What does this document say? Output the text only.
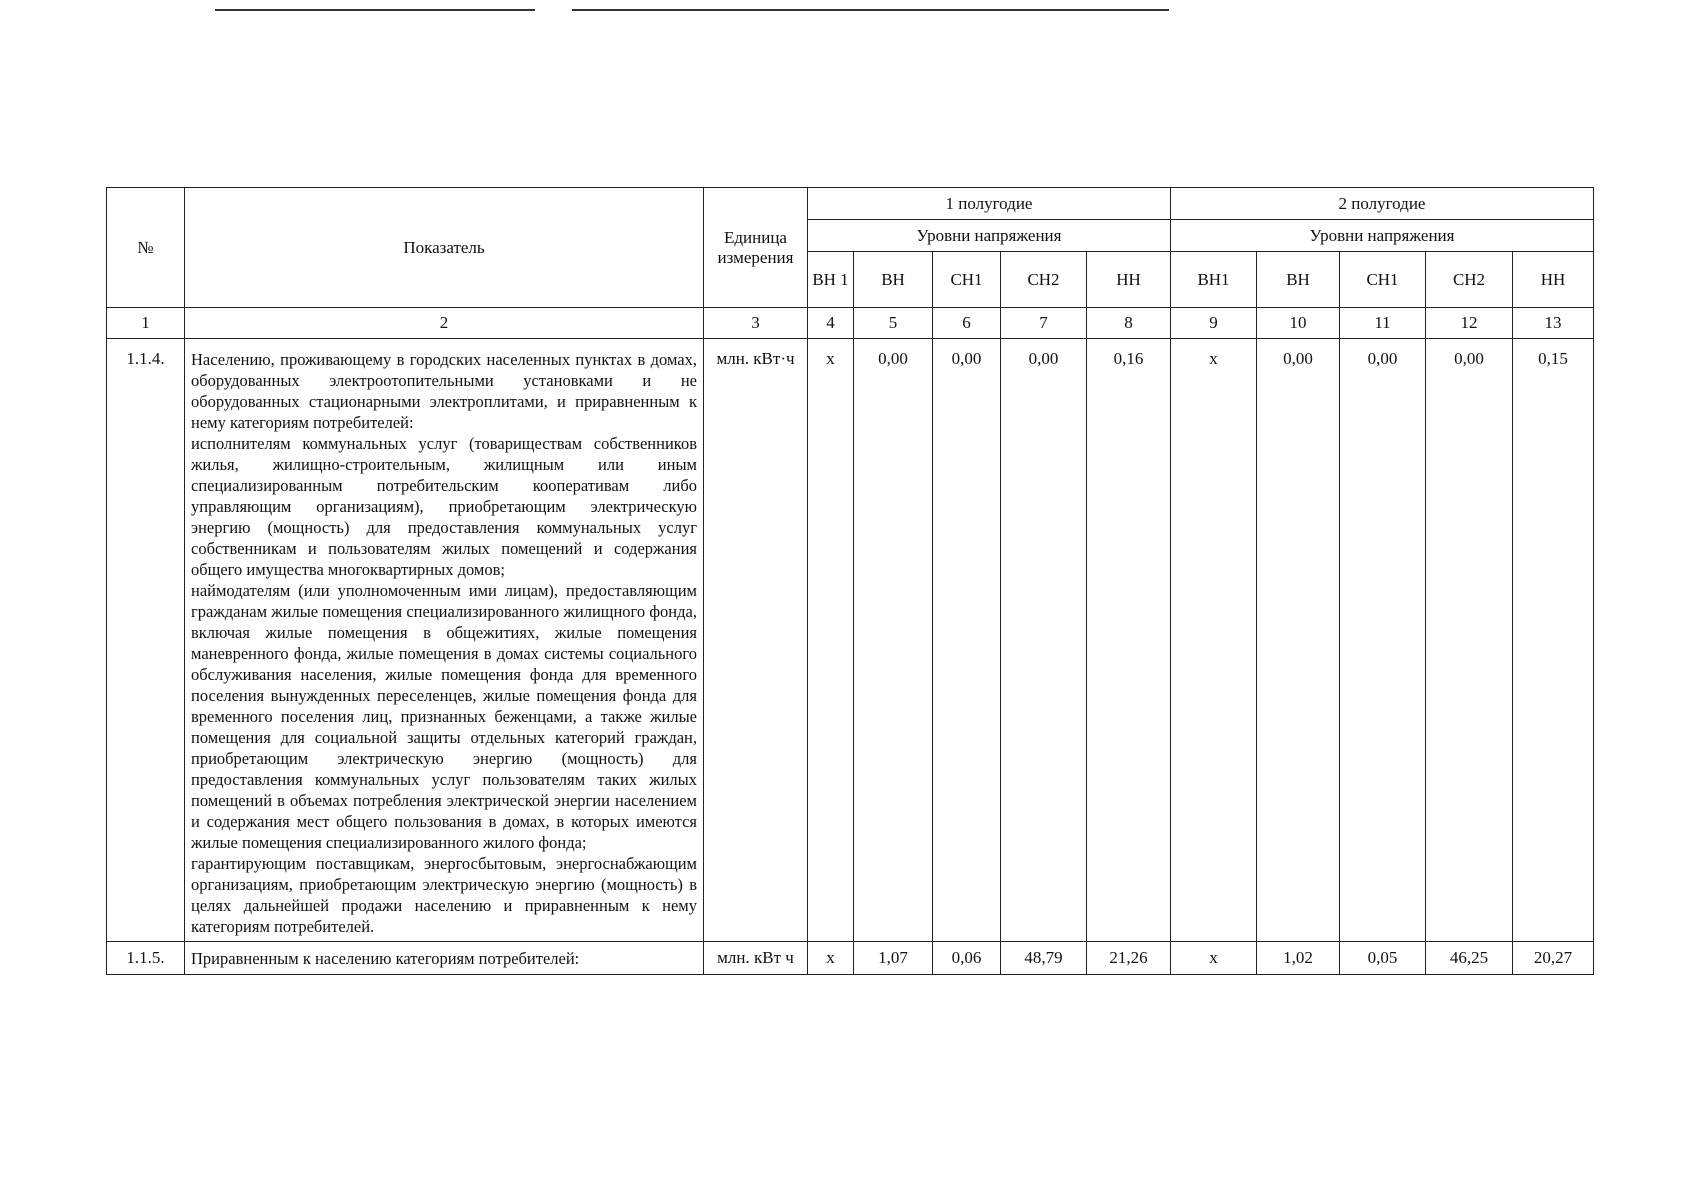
№	Показатель	Единица измерения	1 полугодие					2 полугодие				
			Уровни напряжения					Уровни напряжения				
			ВН 1	ВН	СН1	СН2	НН	ВН1	ВН	СН1	СН2	НН
1	2	3	4	5	6	7	8	9	10	11	12	13
1.1.4.	Населению, проживающему в городских населенных пунктах в домах, оборудованных электроотопительными установками и не оборудованных стационарными электроплитами, и приравненным к нему категориям потребителей:

исполнителям коммунальных услуг (товариществам собственников жилья, жилищно-строительным, жилищным или иным специализированным потребительским кооперативам либо управляющим организациям), приобретающим электрическую энергию (мощность) для предоставления коммунальных услуг собственникам и пользователям жилых помещений и содержания общего имущества многоквартирных домов;

наймодателям (или уполномоченным ими лицам), предоставляющим гражданам жилые помещения специализированного жилищного фонда, включая жилые помещения в общежитиях, жилые помещения маневренного фонда, жилые помещения в домах системы социального обслуживания населения, жилые помещения фонда для временного поселения вынужденных переселенцев, жилые помещения фонда для временного поселения лиц, признанных беженцами, а также жилые помещения для социальной защиты отдельных категорий граждан, приобретающим электрическую энергию (мощность) для предоставления коммунальных услуг пользователям таких жилых помещений в объемах потребления электрической энергии населением и содержания мест общего пользования в домах, в которых имеются жилые помещения специализированного жилого фонда;

гарантирующим поставщикам, энергосбытовым, энергоснабжающим организациям, приобретающим электрическую энергию (мощность) в целях дальнейшей продажи населению и приравненным к нему категориям потребителей.	млн. кВт·ч	х	0,00	0,00	0,00	0,16	х	0,00	0,00	0,00	0,15
1.1.5.	Приравненным к населению категориям потребителей:	млн. кВт ч	х	1,07	0,06	48,79	21,26	х	1,02	0,05	46,25	20,27
